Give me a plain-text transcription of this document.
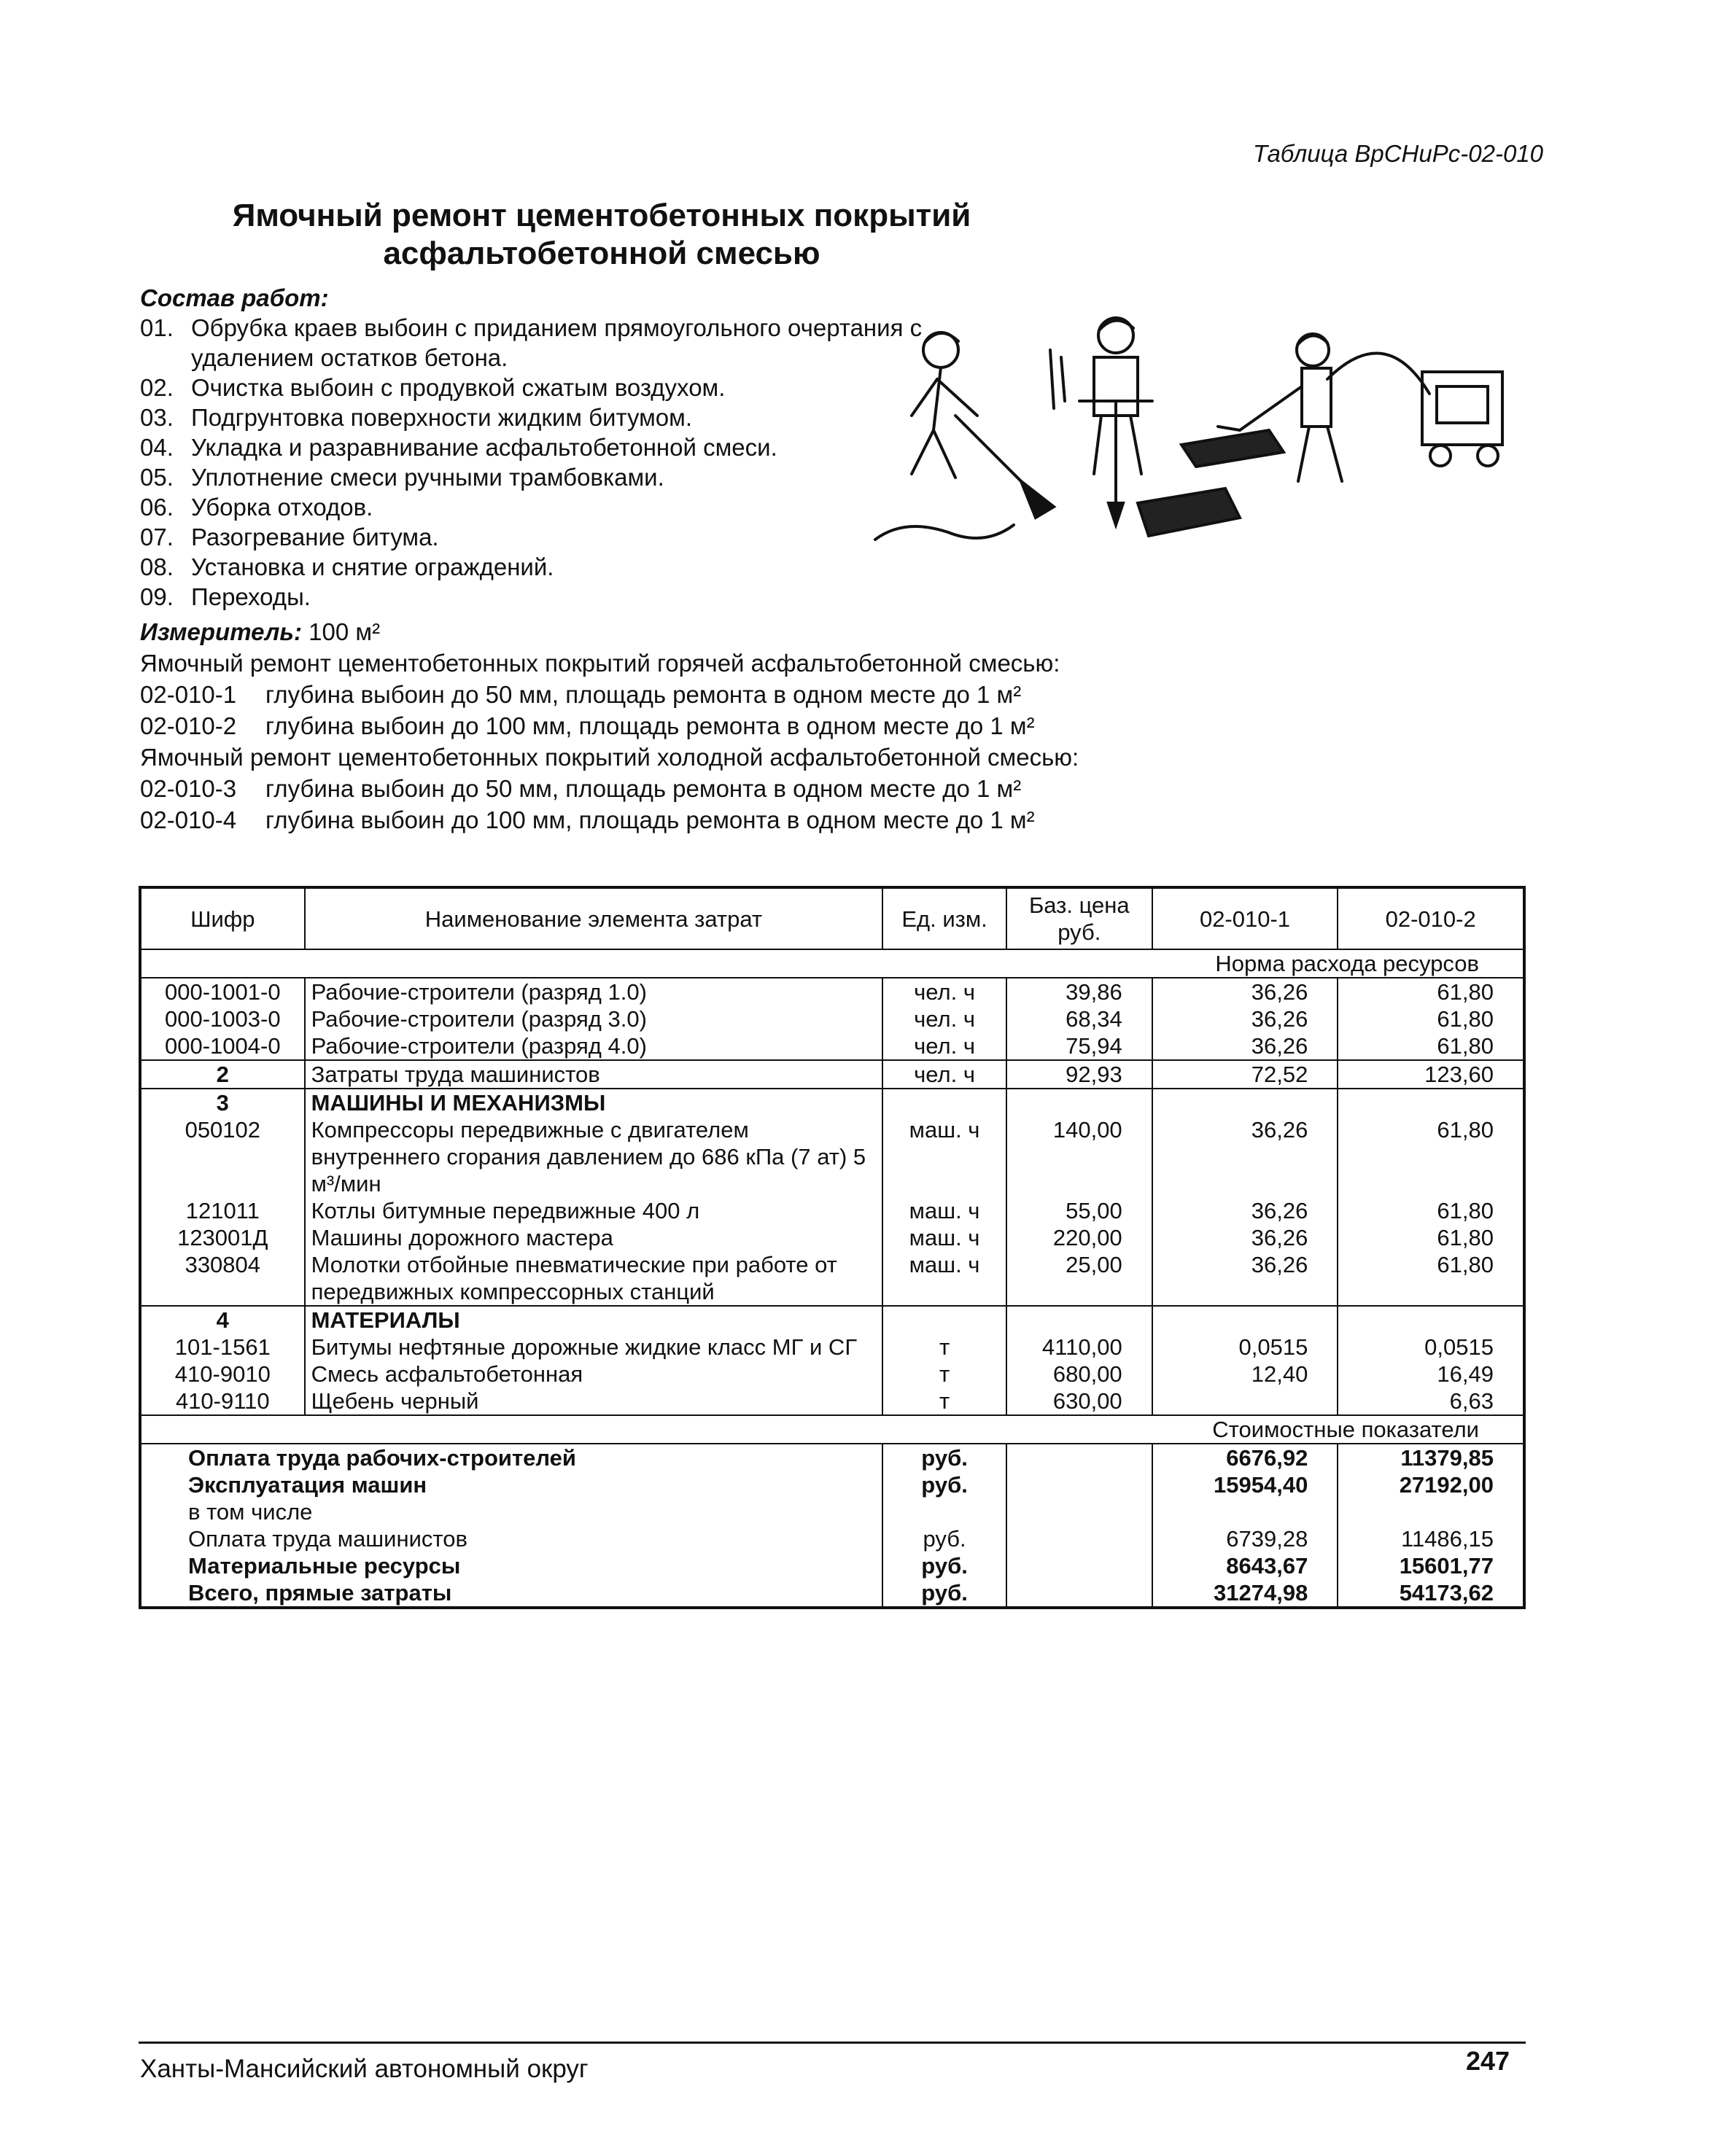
Таблица ВрСНиРс-02-010
Ямочный ремонт цементобетонных покрытий
асфальтобетонной смесью
Состав работ:
01. Обрубка краев выбоин с приданием прямоугольного очертания с удалением остатков бетона.
02. Очистка выбоин с продувкой сжатым воздухом.
03. Подгрунтовка поверхности жидким битумом.
04. Укладка и разравнивание асфальтобетонной смеси.
05. Уплотнение смеси ручными трамбовками.
06. Уборка отходов.
07. Разогревание битума.
08. Установка и снятие ограждений.
09. Переходы.
Измеритель: 100 м²
Ямочный ремонт цементобетонных покрытий горячей асфальтобетонной смесью:
02-010-1 глубина выбоин до 50 мм, площадь ремонта в одном месте до 1 м²
02-010-2 глубина выбоин до 100 мм, площадь ремонта в одном месте до 1 м²
Ямочный ремонт цементобетонных покрытий холодной асфальтобетонной смесью:
02-010-3 глубина выбоин до 50 мм, площадь ремонта в одном месте до 1 м²
02-010-4 глубина выбоин до 100 мм, площадь ремонта в одном месте до 1 м²
Шифр	Наименование элемента затрат	Ед. изм.	Баз. цена руб.	02-010-1	02-010-2
Норма расхода ресурсов					
000-1001-0	Рабочие-строители (разряд 1.0)	чел. ч	39,86	36,26	61,80
000-1003-0	Рабочие-строители (разряд 3.0)	чел. ч	68,34	36,26	61,80
000-1004-0	Рабочие-строители (разряд 4.0)	чел. ч	75,94	36,26	61,80
2	Затраты труда машинистов	чел. ч	92,93	72,52	123,60
3	МАШИНЫ И МЕХАНИЗМЫ				
050102	Компрессоры передвижные с двигателем внутреннего сгорания давлением до 686 кПа (7 ат) 5 м³/мин	маш. ч	140,00	36,26	61,80
121011	Котлы битумные передвижные 400 л	маш. ч	55,00	36,26	61,80
123001Д	Машины дорожного мастера	маш. ч	220,00	36,26	61,80
330804	Молотки отбойные пневматические при работе от передвижных компрессорных станций	маш. ч	25,00	36,26	61,80
4	МАТЕРИАЛЫ				
101-1561	Битумы нефтяные дорожные жидкие класс МГ и СГ	т	4110,00	0,0515	0,0515
410-9010	Смесь асфальтобетонная	т	680,00	12,40	16,49
410-9110	Щебень черный	т	630,00		6,63
Стоимостные показатели					
Оплата труда рабочих-строителей		руб.		6676,92	11379,85
Эксплуатация машин		руб.		15954,40	27192,00
в том числе					
Оплата труда машинистов		руб.		6739,28	11486,15
Материальные ресурсы		руб.		8643,67	15601,77
Всего, прямые затраты		руб.		31274,98	54173,62
Ханты-Мансийский автономный округ	247
